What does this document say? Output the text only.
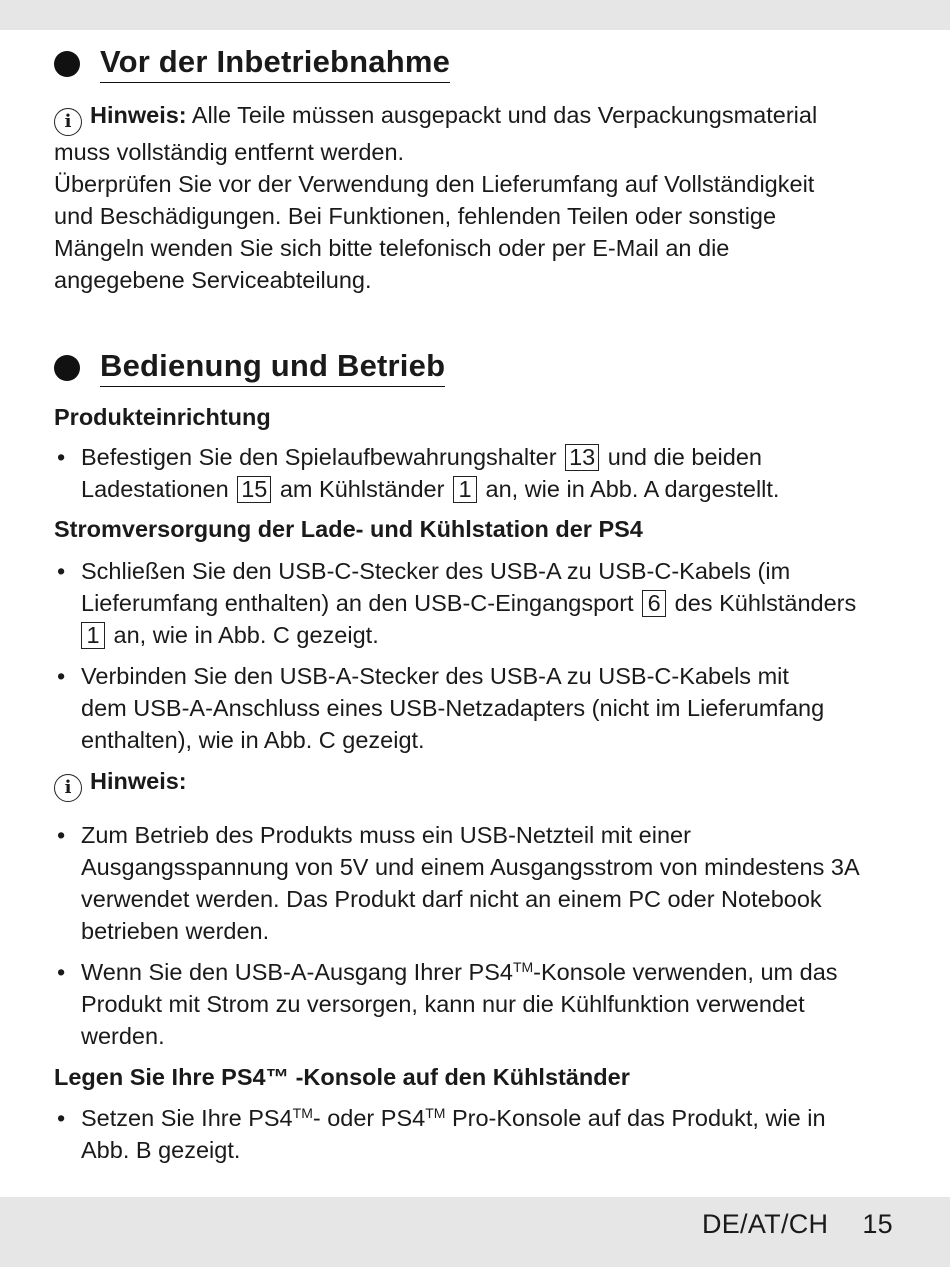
Vor der Inbetriebnahme

i Hinweis: Alle Teile müssen ausgepackt und das Verpackungsmaterial

muss vollständig entfernt werden.

Überprüfen Sie vor der Verwendung den Lieferumfang auf Vollständigkeit

und Beschädigungen. Bei Funktionen, fehlenden Teilen oder sonstige

Mängeln wenden Sie sich bitte telefonisch oder per E-Mail an die

angegebene Serviceabteilung.

Bedienung und Betrieb

Produkteinrichtung

• Befestigen Sie den Spielaufbewahrungshalter 13 und die beiden
Ladestationen 15 am Kühlständer 1 an, wie in Abb. A dargestellt.

Stromversorgung der Lade- und Kühlstation der PS4

• Schließen Sie den USB-C-Stecker des USB-A zu USB-C-Kabels (im
Lieferumfang enthalten) an den USB-C-Eingangsport 6 des Kühlständers
1 an, wie in Abb. C gezeigt.
• Verbinden Sie den USB-A-Stecker des USB-A zu USB-C-Kabels mit
dem USB-A-Anschluss eines USB-Netzadapters (nicht im Lieferumfang
enthalten), wie in Abb. C gezeigt.

i Hinweis:

• Zum Betrieb des Produkts muss ein USB-Netzteil mit einer
Ausgangsspannung von 5V und einem Ausgangsstrom von mindestens 3A
verwendet werden. Das Produkt darf nicht an einem PC oder Notebook
betrieben werden.
• Wenn Sie den USB-A-Ausgang Ihrer PS4™-Konsole verwenden, um das
Produkt mit Strom zu versorgen, kann nur die Kühlfunktion verwendet
werden.

Legen Sie Ihre PS4™ -Konsole auf den Kühlständer

• Setzen Sie Ihre PS4™- oder PS4™ Pro-Konsole auf das Produkt, wie in
Abb. B gezeigt.
DE/AT/CH 15
